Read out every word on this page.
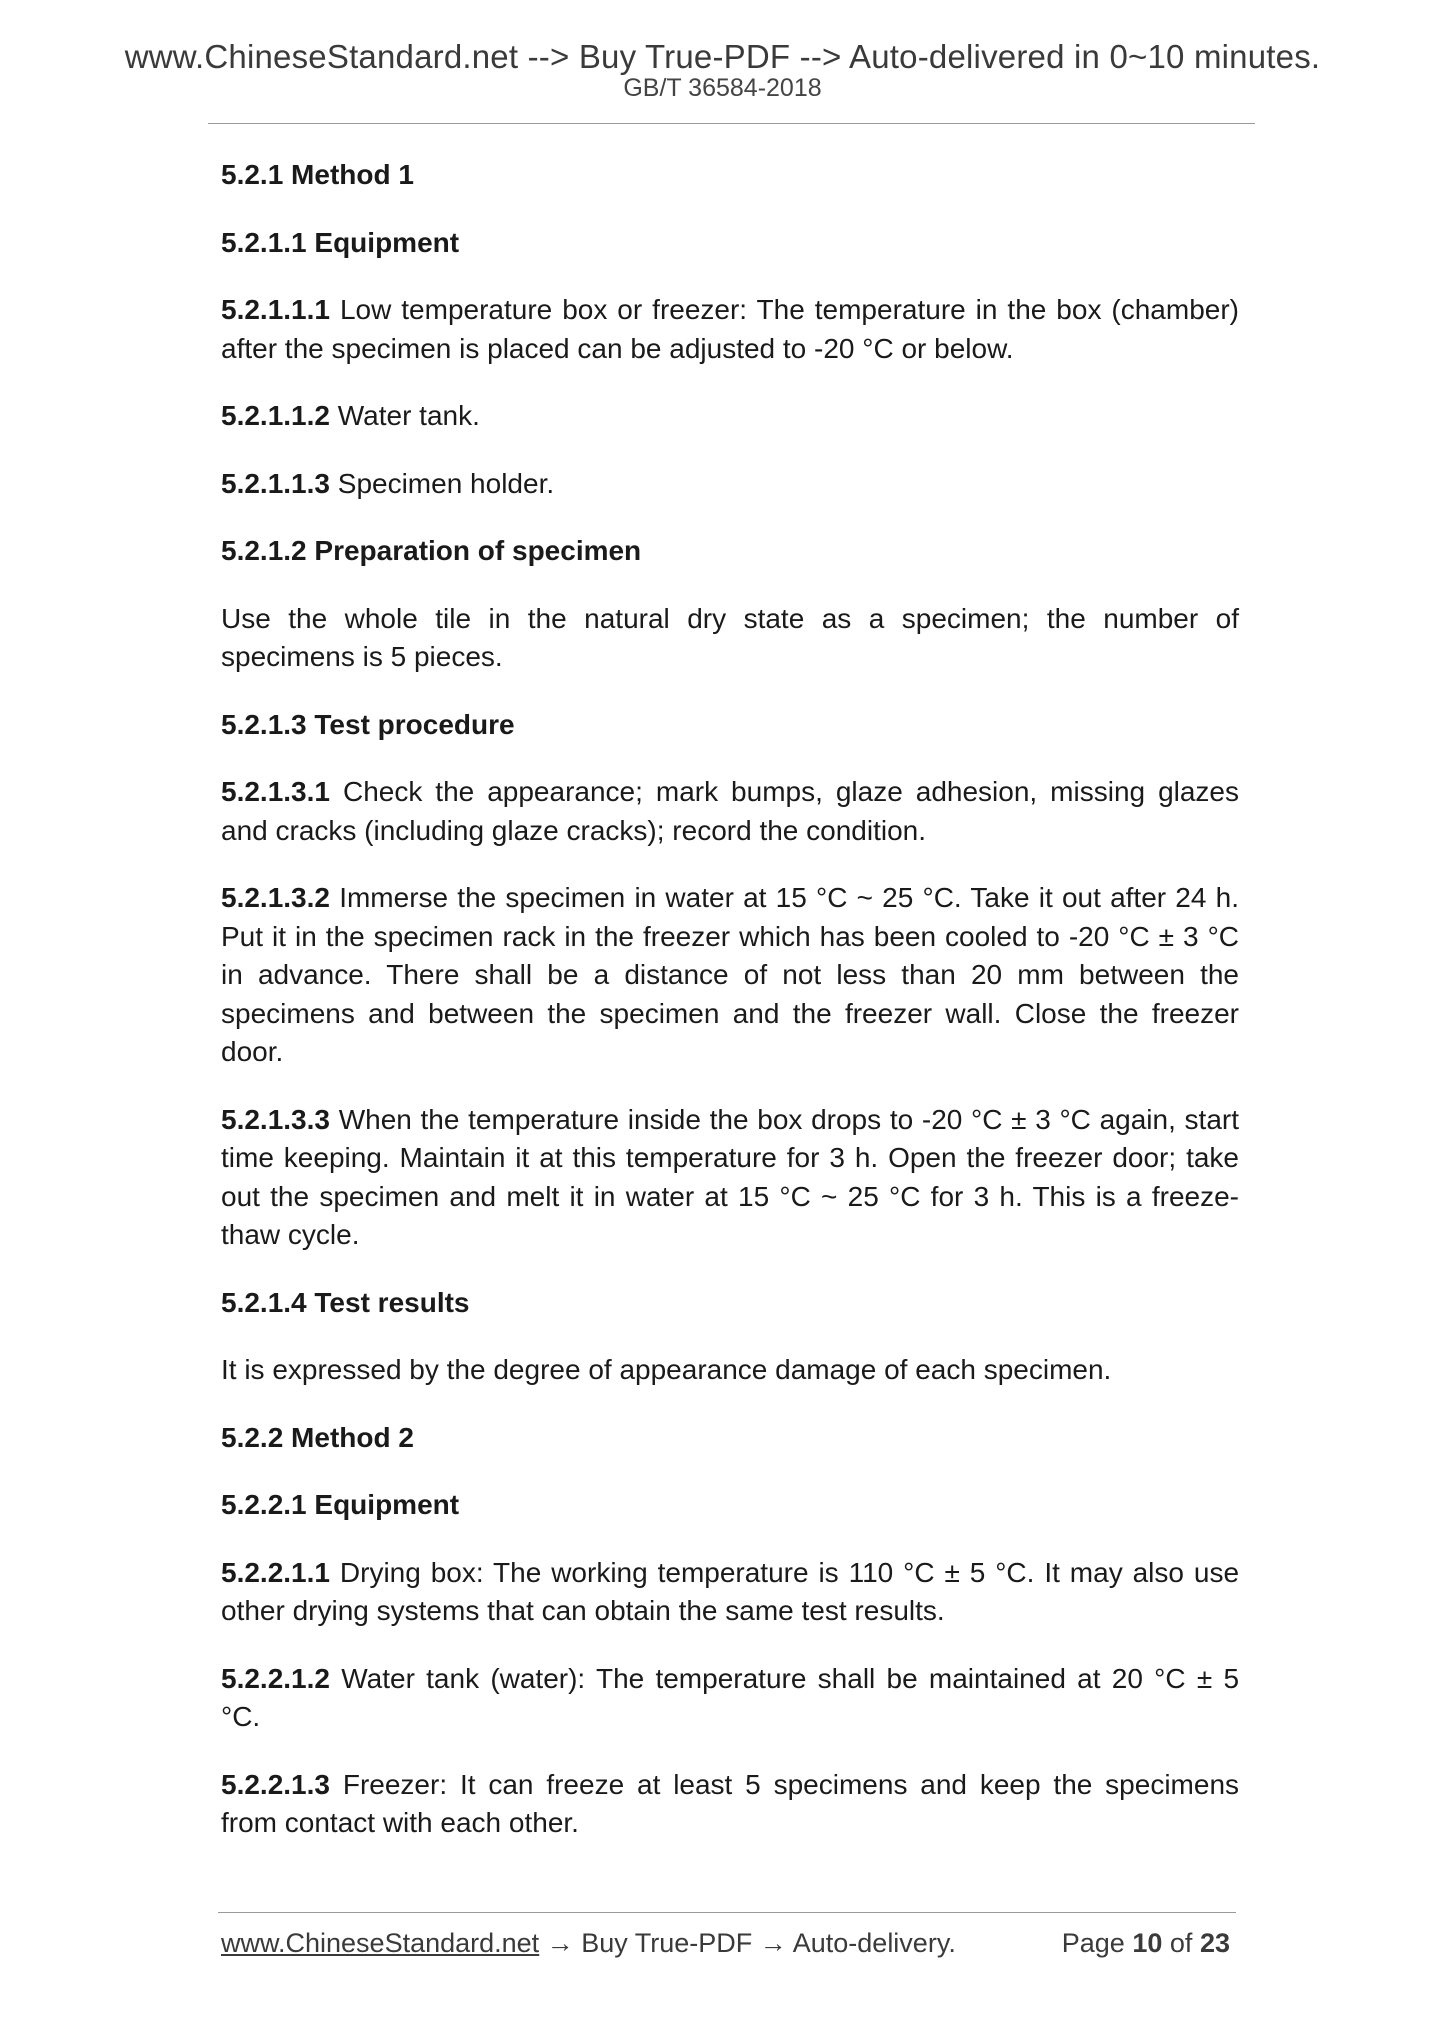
www.ChineseStandard.net --> Buy True-PDF --> Auto-delivered in 0~10 minutes.
GB/T 36584-2018

5.2.1 Method 1

5.2.1.1 Equipment

5.2.1.1.1 Low temperature box or freezer: The temperature in the box (chamber) after the specimen is placed can be adjusted to -20 °C or below.

5.2.1.1.2 Water tank.

5.2.1.1.3 Specimen holder.

5.2.1.2 Preparation of specimen

Use the whole tile in the natural dry state as a specimen; the number of specimens is 5 pieces.

5.2.1.3 Test procedure

5.2.1.3.1 Check the appearance; mark bumps, glaze adhesion, missing glazes and cracks (including glaze cracks); record the condition.

5.2.1.3.2 Immerse the specimen in water at 15 °C ~ 25 °C. Take it out after 24 h. Put it in the specimen rack in the freezer which has been cooled to -20 °C ± 3 °C in advance. There shall be a distance of not less than 20 mm between the specimens and between the specimen and the freezer wall. Close the freezer door.

5.2.1.3.3 When the temperature inside the box drops to -20 °C ± 3 °C again, start time keeping. Maintain it at this temperature for 3 h. Open the freezer door; take out the specimen and melt it in water at 15 °C ~ 25 °C for 3 h. This is a freeze-thaw cycle.

5.2.1.4 Test results

It is expressed by the degree of appearance damage of each specimen.

5.2.2 Method 2

5.2.2.1 Equipment

5.2.2.1.1 Drying box: The working temperature is 110 °C ± 5 °C. It may also use other drying systems that can obtain the same test results.

5.2.2.1.2 Water tank (water): The temperature shall be maintained at 20 °C ± 5 °C.

5.2.2.1.3 Freezer: It can freeze at least 5 specimens and keep the specimens from contact with each other.

www.ChineseStandard.net → Buy True-PDF → Auto-delivery.	Page 10 of 23
